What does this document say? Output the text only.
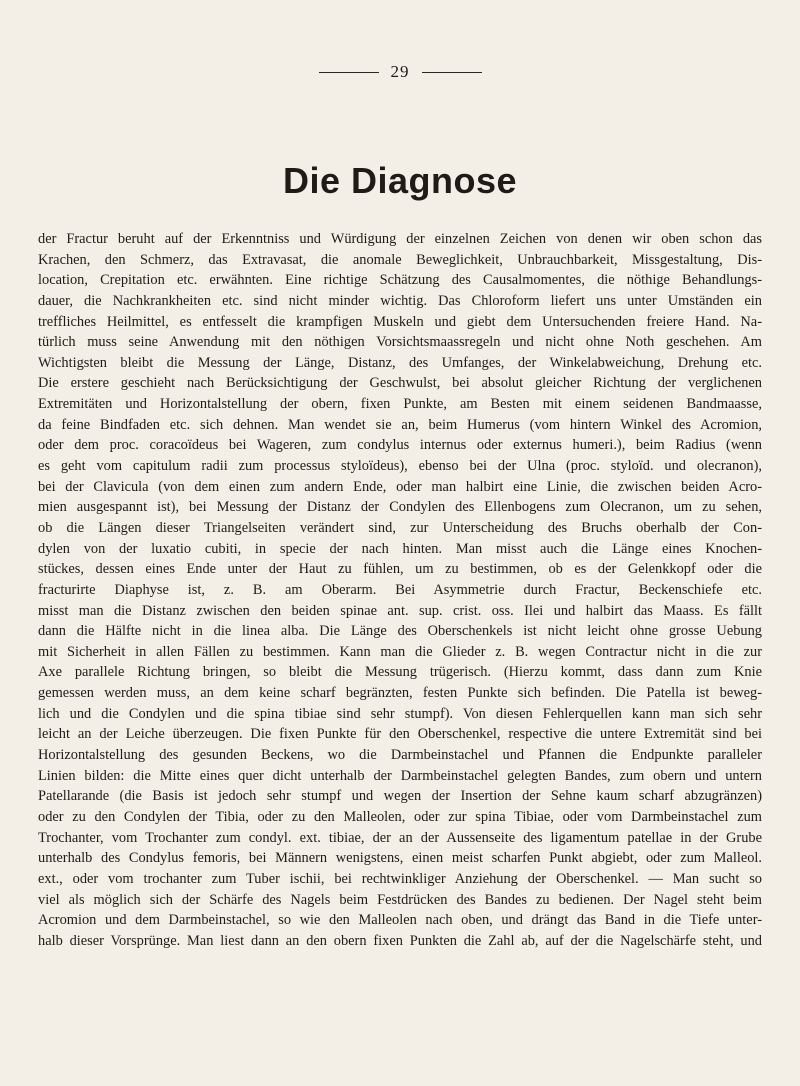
29
Die Diagnose
der Fractur beruht auf der Erkenntniss und Würdigung der einzelnen Zeichen von denen wir oben schon das
Krachen, den Schmerz, das Extravasat, die anomale Beweglichkeit, Unbrauchbarkeit, Missgestaltung, Dis-
location, Crepitation etc. erwähnten. Eine richtige Schätzung des Causalmomentes, die nöthige Behandlungs-
dauer, die Nachkrankheiten etc. sind nicht minder wichtig. Das Chloroform liefert uns unter Umständen ein
treffliches Heilmittel, es entfesselt die krampfigen Muskeln und giebt dem Untersuchenden freiere Hand. Na-
türlich muss seine Anwendung mit den nöthigen Vorsichtsmaassregeln und nicht ohne Noth geschehen. Am
Wichtigsten bleibt die Messung der Länge, Distanz, des Umfanges, der Winkelabweichung, Drehung etc.
Die erstere geschieht nach Berücksichtigung der Geschwulst, bei absolut gleicher Richtung der verglichenen
Extremitäten und Horizontalstellung der obern, fixen Punkte, am Besten mit einem seidenen Bandmaasse,
da feine Bindfaden etc. sich dehnen. Man wendet sie an, beim Humerus (vom hintern Winkel des Acromion,
oder dem proc. coracoïdeus bei Wageren, zum condylus internus oder externus humeri.), beim Radius (wenn
es geht vom capitulum radii zum processus styloïdeus), ebenso bei der Ulna (proc. styloïd. und olecranon),
bei der Clavicula (von dem einen zum andern Ende, oder man halbirt eine Linie, die zwischen beiden Acro-
mien ausgespannt ist), bei Messung der Distanz der Condylen des Ellenbogens zum Olecranon, um zu sehen,
ob die Längen dieser Triangelseiten verändert sind, zur Unterscheidung des Bruchs oberhalb der Con-
dylen von der luxatio cubiti, in specie der nach hinten. Man misst auch die Länge eines Knochen-
stückes, dessen eines Ende unter der Haut zu fühlen, um zu bestimmen, ob es der Gelenkkopf oder die
fracturirte Diaphyse ist, z. B. am Oberarm. Bei Asymmetrie durch Fractur, Beckenschiefe etc.
misst man die Distanz zwischen den beiden spinae ant. sup. crist. oss. Ilei und halbirt das Maass. Es fällt
dann die Hälfte nicht in die linea alba. Die Länge des Oberschenkels ist nicht leicht ohne grosse Uebung
mit Sicherheit in allen Fällen zu bestimmen. Kann man die Glieder z. B. wegen Contractur nicht in die zur
Axe parallele Richtung bringen, so bleibt die Messung trügerisch. (Hierzu kommt, dass dann zum Knie
gemessen werden muss, an dem keine scharf begränzten, festen Punkte sich befinden. Die Patella ist beweg-
lich und die Condylen und die spina tibiae sind sehr stumpf). Von diesen Fehlerquellen kann man sich sehr
leicht an der Leiche überzeugen. Die fixen Punkte für den Oberschenkel, respective die untere Extremität sind bei
Horizontalstellung des gesunden Beckens, wo die Darmbeinstachel und Pfannen die Endpunkte paralleler
Linien bilden: die Mitte eines quer dicht unterhalb der Darmbeinstachel gelegten Bandes, zum obern und untern
Patellarande (die Basis ist jedoch sehr stumpf und wegen der Insertion der Sehne kaum scharf abzugränzen)
oder zu den Condylen der Tibia, oder zu den Malleolen, oder zur spina Tibiae, oder vom Darmbeinstachel zum
Trochanter, vom Trochanter zum condyl. ext. tibiae, der an der Aussenseite des ligamentum patellae in der Grube
unterhalb des Condylus femoris, bei Männern wenigstens, einen meist scharfen Punkt abgiebt, oder zum Malleol.
ext., oder vom trochanter zum Tuber ischii, bei rechtwinkliger Anziehung der Oberschenkel. — Man sucht so
viel als möglich sich der Schärfe des Nagels beim Festdrücken des Bandes zu bedienen. Der Nagel steht beim
Acromion und dem Darmbeinstachel, so wie den Malleolen nach oben, und drängt das Band in die Tiefe unter-
halb dieser Vorsprünge. Man liest dann an den obern fixen Punkten die Zahl ab, auf der die Nagelschärfe steht, und
